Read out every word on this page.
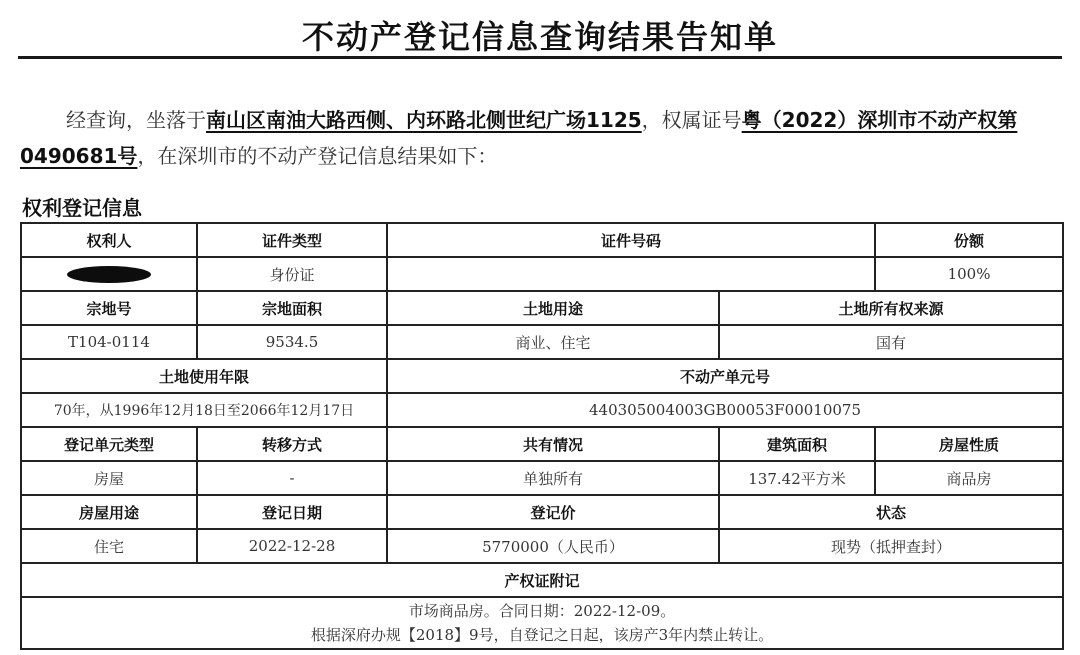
不动产登记信息查询结果告知单
经查询，坐落于南山区南油大路西侧、内环路北侧世纪广场1125，权属证号粤（2022）深圳市不动产权第0490681号，在深圳市的不动产登记信息结果如下：
权利登记信息
权利人	证件类型	证件号码		份额
	身份证			100%
宗地号	宗地面积	土地用途	土地所有权来源	
T104-0114	9534.5	商业、住宅	国有	
土地使用年限		不动产单元号		
70年，从1996年12月18日至2066年12月17日		440305004003GB00053F00010075		
登记单元类型	转移方式	共有情况	建筑面积	房屋性质
房屋	-	单独所有	137.42平方米	商品房
房屋用途	登记日期	登记价	状态	
住宅	2022-12-28	5770000（人民币）	现势（抵押查封）	
产权证附记				

市场商品房。合同日期：2022-12-09。
根据深府办规【2018】9号，自登记之日起，该房产3年内禁止转让。				
